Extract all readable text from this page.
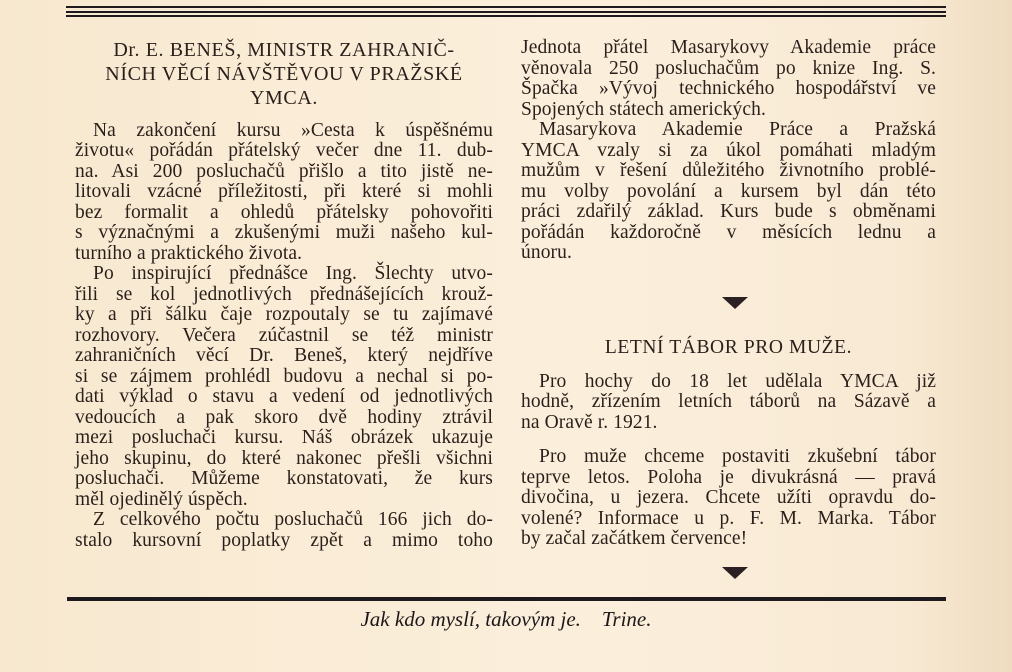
Dr. E. BENEŠ, MINISTR ZAHRANIČ-
NÍCH VĚCÍ NÁVŠTĚVOU V PRAŽSKÉ
YMCA.
Na zakončení kursu »Cesta k úspěšnému
životu« pořádán přátelský večer dne 11. dub-
na. Asi 200 posluchačů přišlo a tito jistě ne-
litovali vzácné příležitosti, při které si mohli
bez formalit a ohledů přátelsky pohovořiti
s význačnými a zkušenými muži našeho kul-
turního a praktického života.
Po inspirující přednášce Ing. Šlechty utvo-
řili se kol jednotlivých přednášejících krouž-
ky a při šálku čaje rozpoutaly se tu zajímavé
rozhovory. Večera zúčastnil se též ministr
zahraničních věcí Dr. Beneš, který nejdříve
si se zájmem prohlédl budovu a nechal si po-
dati výklad o stavu a vedení od jednotlivých
vedoucích a pak skoro dvě hodiny ztrávil
mezi posluchači kursu. Náš obrázek ukazuje
jeho skupinu, do které nakonec přešli všichni
posluchači. Můžeme konstatovati, že kurs
měl ojedinělý úspěch.
Z celkového počtu posluchačů 166 jich do-
stalo kursovní poplatky zpět a mimo toho
Jednota přátel Masarykovy Akademie práce
věnovala 250 posluchačům po knize Ing. S.
Špačka »Vývoj technického hospodářství ve
Spojených státech amerických.
Masarykova Akademie Práce a Pražská
YMCA vzaly si za úkol pomáhati mladým
mužům v řešení důležitého živnotního problé-
mu volby povolání a kursem byl dán této
práci zdařilý základ. Kurs bude s obměnami
pořádán každoročně v měsících lednu a
únoru.
LETNÍ TÁBOR PRO MUŽE.
Pro hochy do 18 let udělala YMCA již
hodně, zřízením letních táborů na Sázavě a
na Oravě r. 1921.
Pro muže chceme postaviti zkušební tábor
teprve letos. Poloha je divukrásná — pravá
divočina, u jezera. Chcete užíti opravdu do-
volené? Informace u p. F. M. Marka. Tábor
by začal začátkem července!
Jak kdo myslí, takovým je. Trine.
